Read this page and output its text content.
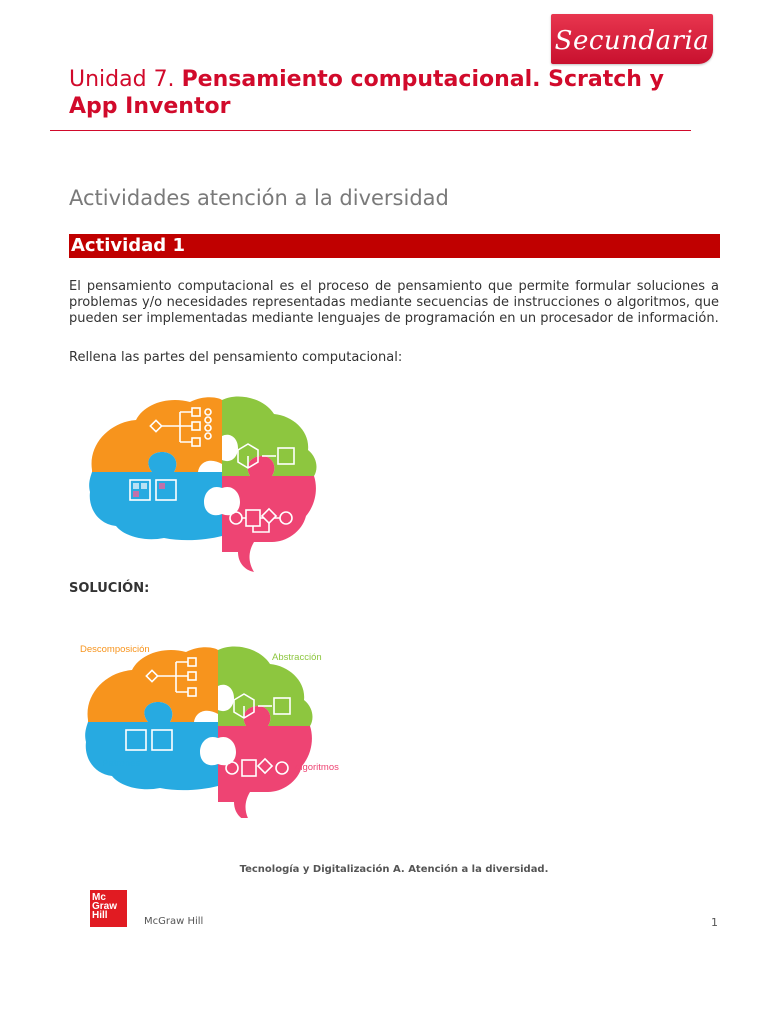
Secundaria
Unidad 7. Pensamiento computacional. Scratch y App Inventor
Actividades atención a la diversidad
Actividad 1
El pensamiento computacional es el proceso de pensamiento que permite formular soluciones a problemas y/o necesidades representadas mediante secuencias de instrucciones o algoritmos, que pueden ser implementadas mediante lenguajes de programación en un procesador de información.
Rellena las partes del pensamiento computacional:
SOLUCIÓN:
Descomposición
Abstracción
Patrones	Algoritmos
Tecnología y Digitalización A. Atención a la diversidad.
Mc
Graw
Hill
McGraw Hill	1
